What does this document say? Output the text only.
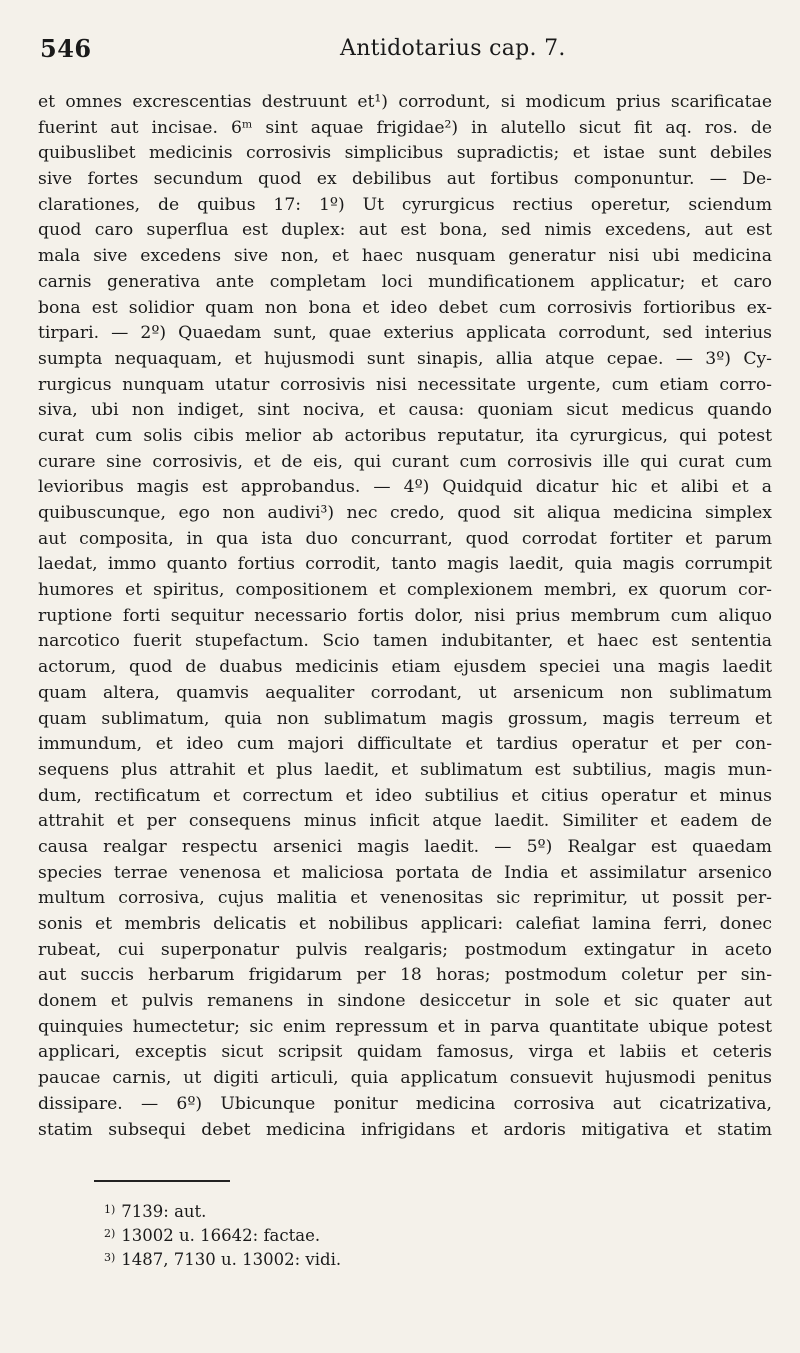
546	Antidotarius cap. 7.
et omnes excrescentias destruunt et¹) corrodunt, si modicum prius scarificatae
fuerint aut incisae. 6ᵐ sint aquae frigidae²) in alutello sicut fit aq. ros. de
quibuslibet medicinis corrosivis simplicibus supradictis; et istae sunt debiles
sive fortes secundum quod ex debilibus aut fortibus componuntur. — De-
clarationes, de quibus 17: 1º) Ut cyrurgicus rectius operetur, sciendum
quod caro superflua est duplex: aut est bona, sed nimis excedens, aut est
mala sive excedens sive non, et haec nusquam generatur nisi ubi medicina
carnis generativa ante completam loci mundificationem applicatur; et caro
bona est solidior quam non bona et ideo debet cum corrosivis fortioribus ex-
tirpari. — 2º) Quaedam sunt, quae exterius applicata corrodunt, sed interius
sumpta nequaquam, et hujusmodi sunt sinapis, allia atque cepae. — 3º) Cy-
rurgicus nunquam utatur corrosivis nisi necessitate urgente, cum etiam corro-
siva, ubi non indiget, sint nociva, et causa: quoniam sicut medicus quando
curat cum solis cibis melior ab actoribus reputatur, ita cyrurgicus, qui potest
curare sine corrosivis, et de eis, qui curant cum corrosivis ille qui curat cum
levioribus magis est approbandus. — 4º) Quidquid dicatur hic et alibi et a
quibuscunque, ego non audivi³) nec credo, quod sit aliqua medicina simplex
aut composita, in qua ista duo concurrant, quod corrodat fortiter et parum
laedat, immo quanto fortius corrodit, tanto magis laedit, quia magis corrumpit
humores et spiritus, compositionem et complexionem membri, ex quorum cor-
ruptione forti sequitur necessario fortis dolor, nisi prius membrum cum aliquo
narcotico fuerit stupefactum. Scio tamen indubitanter, et haec est sententia
actorum, quod de duabus medicinis etiam ejusdem speciei una magis laedit
quam altera, quamvis aequaliter corrodant, ut arsenicum non sublimatum
quam sublimatum, quia non sublimatum magis grossum, magis terreum et
immundum, et ideo cum majori difficultate et tardius operatur et per con-
sequens plus attrahit et plus laedit, et sublimatum est subtilius, magis mun-
dum, rectificatum et correctum et ideo subtilius et citius operatur et minus
attrahit et per consequens minus inficit atque laedit. Similiter et eadem de
causa realgar respectu arsenici magis laedit. — 5º) Realgar est quaedam
species terrae venenosa et maliciosa portata de India et assimilatur arsenico
multum corrosiva, cujus malitia et venenositas sic reprimitur, ut possit per-
sonis et membris delicatis et nobilibus applicari: calefiat lamina ferri, donec
rubeat, cui superponatur pulvis realgaris; postmodum extingatur in aceto
aut succis herbarum frigidarum per 18 horas; postmodum coletur per sin-
donem et pulvis remanens in sindone desiccetur in sole et sic quater aut
quinquies humectetur; sic enim repressum et in parva quantitate ubique potest
applicari, exceptis sicut scripsit quidam famosus, virga et labiis et ceteris
paucae carnis, ut digiti articuli, quia applicatum consuevit hujusmodi penitus
dissipare. — 6º) Ubicunque ponitur medicina corrosiva aut cicatrizativa,
statim subsequi debet medicina infrigidans et ardoris mitigativa et statim
$^{1)}$ 7139: aut.
$^{2)}$ 13002 u. 16642: factae.
$^{3)}$ 1487, 7130 u. 13002: vidi.
